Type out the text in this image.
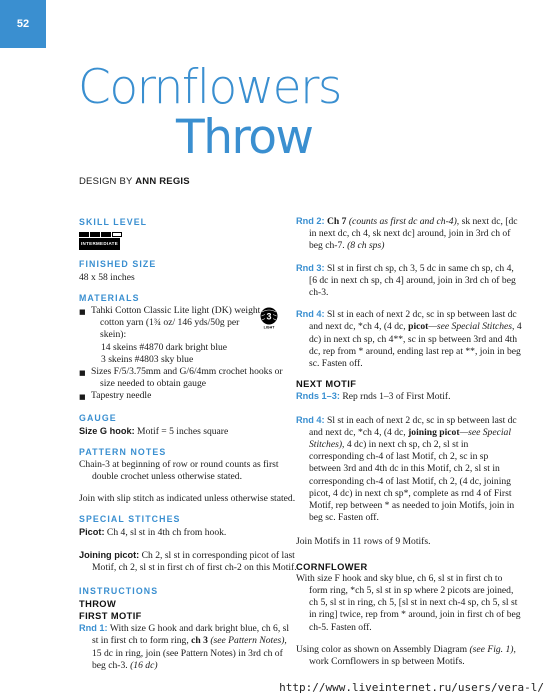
52
Cornflowers
Throw
DESIGN BY ANN REGIS
SKILL LEVEL
INTERMEDIATE
FINISHED SIZE
48 x 58 inches
MATERIALS
3
LIGHT
■ Tahki Cotton Classic Lite light (DK) weight cotton yarn (1¾ oz/ 146 yds/50g per skein):
14 skeins #4870 dark bright blue
3 skeins #4803 sky blue
■ Sizes F/5/3.75mm and G/6/4mm crochet hooks or size needed to obtain gauge
■ Tapestry needle
GAUGE
Size G hook: Motif = 5 inches square
PATTERN NOTES
Chain-3 at beginning of row or round counts as first double crochet unless otherwise stated.
Join with slip stitch as indicated unless otherwise stated.
SPECIAL STITCHES
Picot: Ch 4, sl st in 4th ch from hook.
Joining picot: Ch 2, sl st in corresponding picot of last Motif, ch 2, sl st in first ch of first ch-2 on this Motif.
INSTRUCTIONS
THROW
FIRST MOTIF
Rnd 1: With size G hook and dark bright blue, ch 6, sl st in first ch to form ring, ch 3 (see Pattern Notes), 15 dc in ring, join (see Pattern Notes) in 3rd ch of beg ch-3. (16 dc)
Rnd 2: Ch 7 (counts as first dc and ch-4), sk next dc, [dc in next dc, ch 4, sk next dc] around, join in 3rd ch of beg ch-7. (8 ch sps)
Rnd 3: Sl st in first ch sp, ch 3, 5 dc in same ch sp, ch 4, [6 dc in next ch sp, ch 4] around, join in 3rd ch of beg ch-3.
Rnd 4: Sl st in each of next 2 dc, sc in sp between last dc and next dc, *ch 4, (4 dc, picot—see Special Stitches, 4 dc) in next ch sp, ch 4**, sc in sp between 3rd and 4th dc, rep from * around, ending last rep at **, join in beg sc. Fasten off.
NEXT MOTIF
Rnds 1–3: Rep rnds 1–3 of First Motif.
Rnd 4: Sl st in each of next 2 dc, sc in sp between last dc and next dc, *ch 4, (4 dc, joining picot—see Special Stitches), 4 dc) in next ch sp, ch 2, sl st in corresponding ch-4 of last Motif, ch 2, sc in sp between 3rd and 4th dc in this Motif, ch 2, sl st in corresponding ch-4 of last Motif, ch 2, (4 dc, joining picot, 4 dc) in next ch sp*, complete as rnd 4 of First Motif, rep between * as needed to join Motifs, join in beg sc. Fasten off.
Join Motifs in 11 rows of 9 Motifs.
CORNFLOWER
With size F hook and sky blue, ch 6, sl st in first ch to form ring, *ch 5, sl st in sp where 2 picots are joined, ch 5, sl st in ring, ch 5, [sl st in next ch-4 sp, ch 5, sl st in ring] twice, rep from * around, join in first ch of beg ch-5. Fasten off.
Using color as shown on Assembly Diagram (see Fig. 1), work Cornflowers in sp between Motifs.
http://www.liveinternet.ru/users/vera-l/
